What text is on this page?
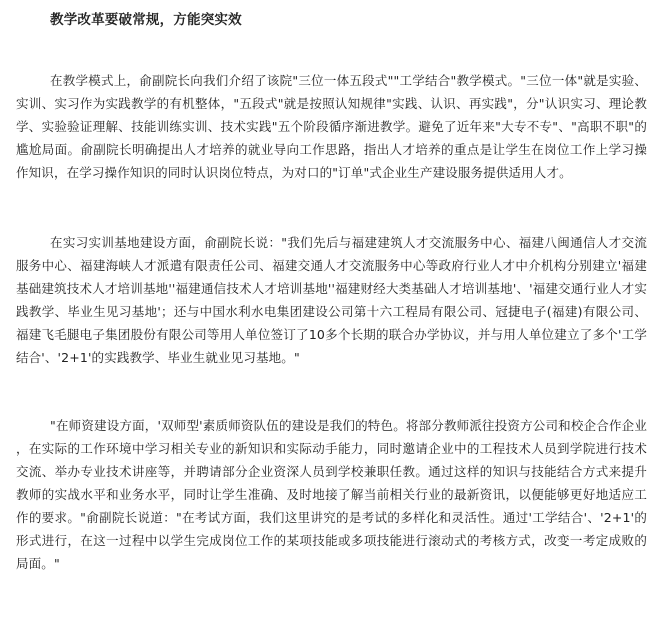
教学改革要破常规，方能突实效

在教学模式上，俞副院长向我们介绍了该院"三位一体五段式""工学结合"教学模式。"三位一体"就是实验、实训、实习作为实践教学的有机整体，"五段式"就是按照认知规律"实践、认识、再实践"，分"认识实习、理论教学、实验验证理解、技能训练实训、技术实践"五个阶段循序渐进教学。避免了近年来"大专不专"、"高职不职"的尴尬局面。俞副院长明确提出人才培养的就业导向工作思路，指出人才培养的重点是让学生在岗位工作上学习操作知识，在学习操作知识的同时认识岗位特点，为对口的"订单"式企业生产建设服务提供适用人才。

在实习实训基地建设方面，俞副院长说："我们先后与福建建筑人才交流服务中心、福建八闽通信人才交流服务中心、福建海峡人才派遣有限责任公司、福建交通人才交流服务中心等政府行业人才中介机构分别建立'福建基础建筑技术人才培训基地''福建通信技术人才培训基地''福建财经大类基础人才培训基地'、'福建交通行业人才实践教学、毕业生见习基地'；还与中国水利水电集团建设公司第十六工程局有限公司、冠捷电子(福建)有限公司、福建飞毛腿电子集团股份有限公司等用人单位签订了10多个长期的联合办学协议，并与用人单位建立了多个'工学结合'、'2+1'的实践教学、毕业生就业见习基地。"

"在师资建设方面，'双师型'素质师资队伍的建设是我们的特色。将部分教师派往投资方公司和校企合作企业 ，在实际的工作环境中学习相关专业的新知识和实际动手能力，同时邀请企业中的工程技术人员到学院进行技术交流、举办专业技术讲座等，并聘请部分企业资深人员到学校兼职任教。通过这样的知识与技能结合方式来提升教师的实战水平和业务水平，同时让学生准确、及时地接了解当前相关行业的最新资讯，以便能够更好地适应工作的要求。"俞副院长说道："在考试方面，我们这里讲究的是考试的多样化和灵活性。通过'工学结合'、'2+1'的形式进行，在这一过程中以学生完成岗位工作的某项技能或多项技能进行滚动式的考核方式，改变一考定成败的局面。"
